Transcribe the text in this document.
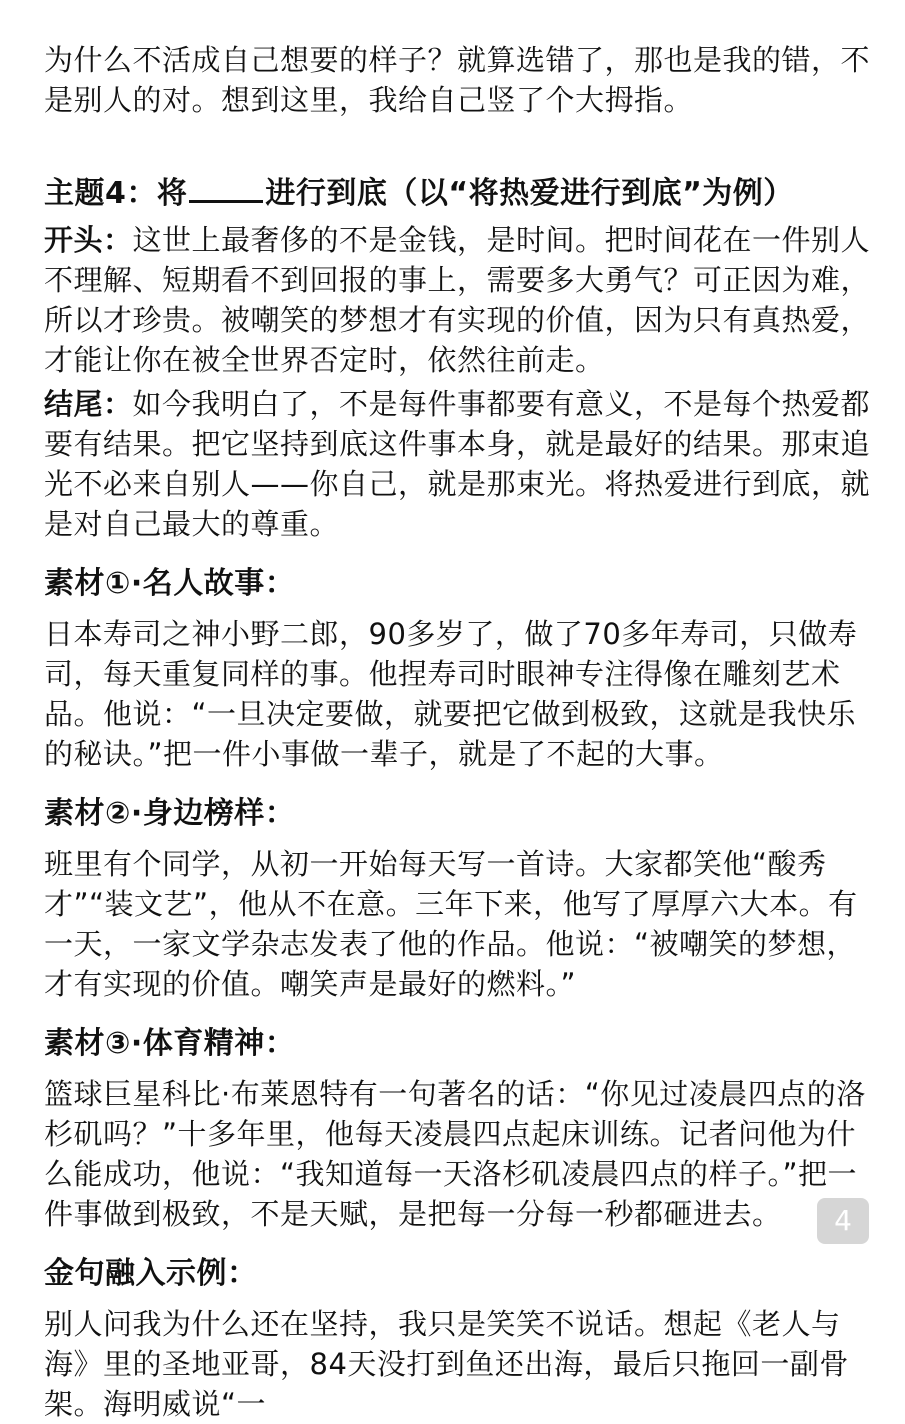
为什么不活成自己想要的样子？就算选错了，那也是我的错，不是别人的对。想到这里，我给自己竖了个大拇指。

主题4：将	进行到底（以“将热爱进行到底”为例）

开头：这世上最奢侈的不是金钱，是时间。把时间花在一件别人不理解、短期看不到回报的事上，需要多大勇气？可正因为难，所以才珍贵。被嘲笑的梦想才有实现的价值，因为只有真热爱，才能让你在被全世界否定时，依然往前走。

结尾：如今我明白了，不是每件事都要有意义，不是每个热爱都要有结果。把它坚持到底这件事本身，就是最好的结果。那束追光不必来自别人——你自己，就是那束光。将热爱进行到底，就是对自己最大的尊重。

素材①·名人故事：

日本寿司之神小野二郎，90多岁了，做了70多年寿司，只做寿司，每天重复同样的事。他捏寿司时眼神专注得像在雕刻艺术品。他说：“一旦决定要做，就要把它做到极致，这就是我快乐的秘诀。”把一件小事做一辈子，就是了不起的大事。

素材②·身边榜样：

班里有个同学，从初一开始每天写一首诗。大家都笑他“酸秀才”“装文艺”，他从不在意。三年下来，他写了厚厚六大本。有一天，一家文学杂志发表了他的作品。他说：“被嘲笑的梦想，才有实现的价值。嘲笑声是最好的燃料。”

素材③·体育精神：

篮球巨星科比·布莱恩特有一句著名的话：“你见过凌晨四点的洛杉矶吗？”十多年里，他每天凌晨四点起床训练。记者问他为什么能成功，他说：“我知道每一天洛杉矶凌晨四点的样子。”把一件事做到极致，不是天赋，是把每一分每一秒都砸进去。

金句融入示例：

别人问我为什么还在坚持，我只是笑笑不说话。想起《老人与海》里的圣地亚哥，84天没打到鱼还出海，最后只拖回一副骨架。海明威说“一

4
